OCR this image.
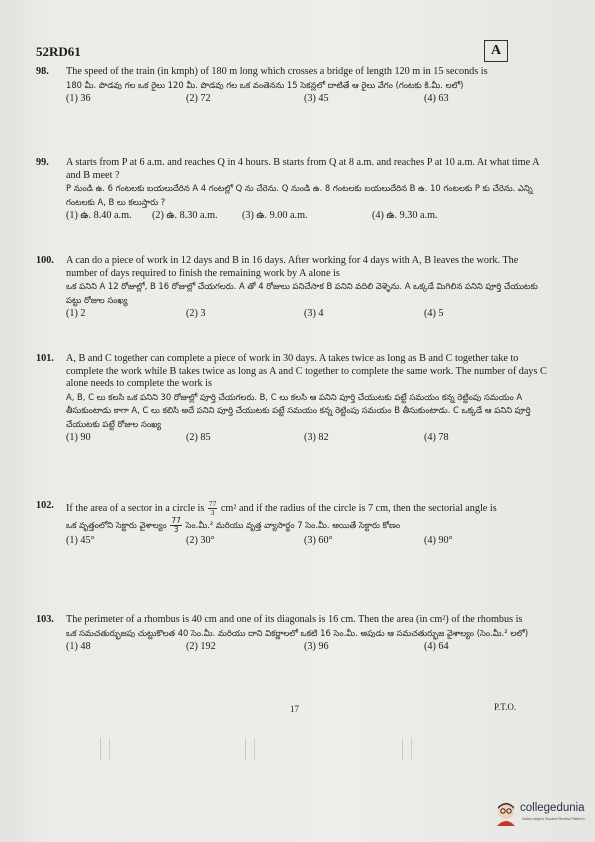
52RD61	A
98. The speed of the train (in kmph) of 180 m long which crosses a bridge of length 120 m in 15 seconds is
180 మీ. పొడవు గల ఒక రైలు 120 మీ. పొడవు గల ఒక వంతెనను 15 సెకన్లలో దాటితే ఆ రైలు వేగం (గంటకు కి.మీ. లలో)
(1) 36	(2) 72	(3) 45	(4) 63
99. A starts from P at 6 a.m. and reaches Q in 4 hours. B starts from Q at 8 a.m. and reaches P at 10 a.m. At what time A and B meet ?
P నుండి ఉ. 6 గంటలకు బయలుదేరిన A 4 గంటల్లో Q ను చేరెను. Q నుండి ఉ. 8 గంటలకు బయలుదేరిన B ఉ. 10 గంటలకు P కు చేరెను. ఎన్ని గంటలకు A, B లు కలుస్తారు ?
(1) ఉ. 8.40 a.m. (2) ఉ. 8.30 a.m. (3) ఉ. 9.00 a.m.	(4) ఉ. 9.30 a.m.
100. A can do a piece of work in 12 days and B in 16 days. After working for 4 days with A, B leaves the work. The number of days required to finish the remaining work by A alone is
ఒక పనిని A 12 రోజుల్లో, B 16 రోజుల్లో చేయగలరు. A తో 4 రోజులు పనిచేసాక B పనిని వదిలి వెళ్ళెను. A ఒక్కడే మిగిలిన పనిని పూర్తి చేయుటకు పట్టు రోజుల సంఖ్య
(1) 2	(2) 3	(3) 4	(4) 5
101. A, B and C together can complete a piece of work in 30 days. A takes twice as long as B and C together take to complete the work while B takes twice as long as A and C together to complete the same work. The number of days C alone needs to complete the work is
A, B, C లు కలసి ఒక పనిని 30 రోజుల్లో పూర్తి చేయగలరు. B, C లు కలసి ఆ పనిని పూర్తి చేయుటకు పట్టే సమయం కన్న రెట్టింపు సమయం A తీసుకుంటాడు కాగా A, C లు కలిసి అదే పనిని పూర్తి చేయుటకు పట్టే సమయం కన్న రెట్టింపు సమయం B తీసుకుంటాడు. C ఒక్కడే ఆ పనిని పూర్తి చేయుటకు పట్టే రోజుల సంఖ్య
(1) 90	(2) 85	(3) 82	(4) 78
102. If the area of a sector in a circle is $\frac{77}{3} cm^2$ and if the radius of the circle is 7 cm, then the sectorial angle is
ఒక వృత్తంలోని సెక్టారు వైశాల్యం $\frac{77}{3}$ సెం.మీ.² మరియు వృత్త వ్యాసార్థం 7 సెం.మీ. అయితే సెక్టారు కోణం
(1) 45°	(2) 30°	(3) 60°	(4) 90°
103. The perimeter of a rhombus is 40 cm and one of its diagonals is 16 cm. Then the area (in cm²) of the rhombus is
ఒక సమచతుర్భుజపు చుట్టుకొలత 40 సెం.మీ. మరియు దాని వికర్ణాలలో ఒకటి 16 సెం.మీ. అపుడు ఆ సమచతుర్భుజ వైశాల్యం (సెం.మీ.² లలో)
(1) 48	(2) 192	(3) 96	(4) 64
17	P.T.O.
collegedunia
India's largest Student Review Platform
